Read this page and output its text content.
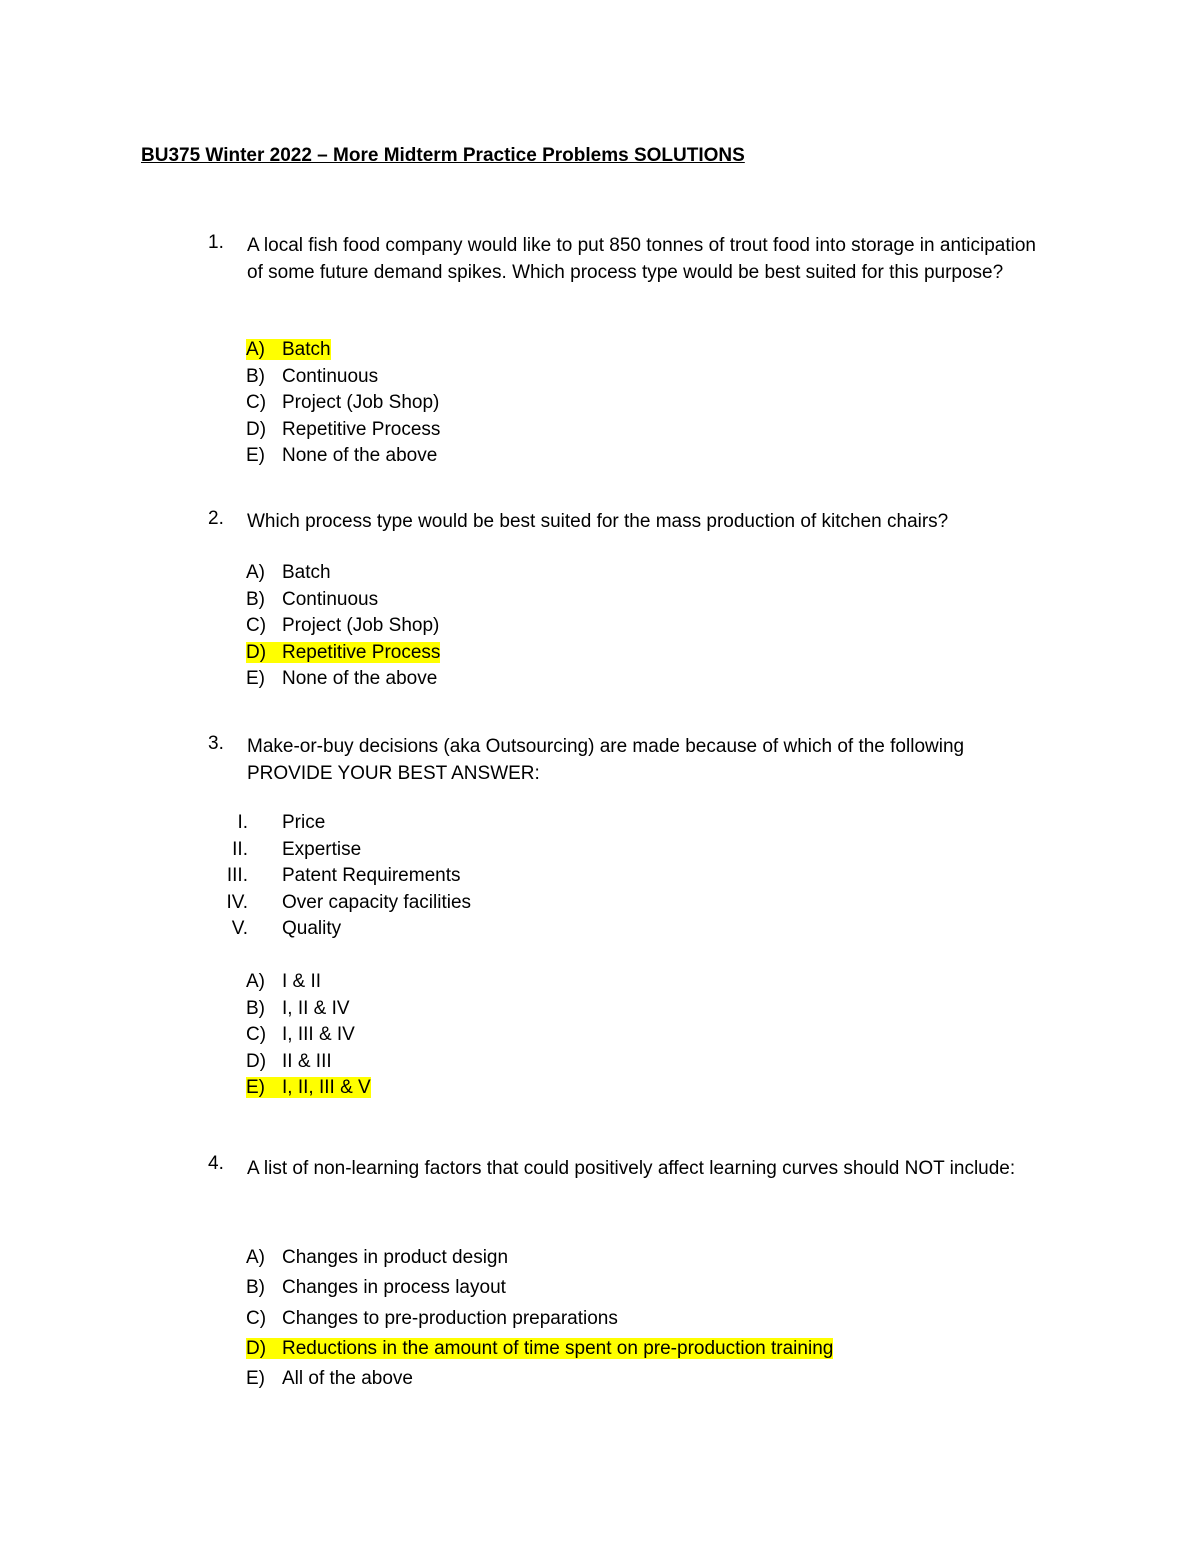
BU375 Winter 2022 – More Midterm Practice Problems SOLUTIONS
1.	A local fish food company would like to put 850 tonnes of trout food into storage in anticipation of some future demand spikes. Which process type would be best suited for this purpose?
A) Batch
B) Continuous
C) Project (Job Shop)
D) Repetitive Process
E) None of the above
2.	Which process type would be best suited for the mass production of kitchen chairs?
A) Batch
B) Continuous
C) Project (Job Shop)
D) Repetitive Process
E) None of the above
3.	Make-or-buy decisions (aka Outsourcing) are made because of which of the following PROVIDE YOUR BEST ANSWER:
I. Price
II. Expertise
III. Patent Requirements
IV. Over capacity facilities
V. Quality
A) I & II
B) I, II & IV
C) I, III & IV
D) II & III
E) I, II, III & V
4.	A list of non-learning factors that could positively affect learning curves should NOT include:
A) Changes in product design
B) Changes in process layout
C) Changes to pre-production preparations
D) Reductions in the amount of time spent on pre-production training
E) All of the above
